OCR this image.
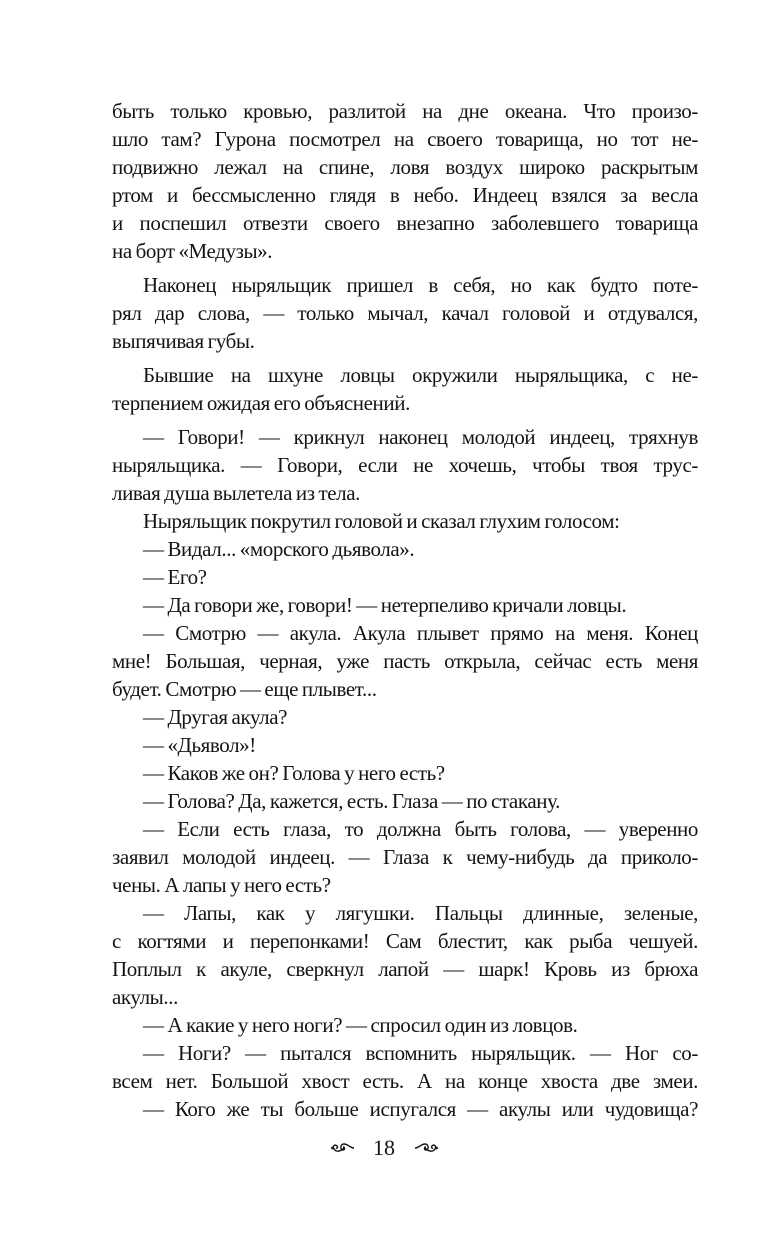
быть только кровью, разлитой на дне океана. Что произо-
шло там? Гурона посмотрел на своего товарища, но тот не-
подвижно лежал на спине, ловя воздух широко раскрытым
ртом и бессмысленно глядя в небо. Индеец взялся за весла
и поспешил отвезти своего внезапно заболевшего товарища
на борт «Медузы».
Наконец ныряльщик пришел в себя, но как будто поте-
рял дар слова, — только мычал, качал головой и отдувался,
выпячивая губы.
Бывшие на шхуне ловцы окружили ныряльщика, с не-
терпением ожидая его объяснений.
— Говори! — крикнул наконец молодой индеец, тряхнув
ныряльщика. — Говори, если не хочешь, чтобы твоя трус-
ливая душа вылетела из тела.
Ныряльщик покрутил головой и сказал глухим голосом:
— Видал... «морского дьявола».
— Его?
— Да говори же, говори! — нетерпеливо кричали ловцы.
— Смотрю — акула. Акула плывет прямо на меня. Конец
мне! Большая, черная, уже пасть открыла, сейчас есть меня
будет. Смотрю — еще плывет...
— Другая акула?
— «Дьявол»!
— Каков же он? Голова у него есть?
— Голова? Да, кажется, есть. Глаза — по стакану.
— Если есть глаза, то должна быть голова, — уверенно
заявил молодой индеец. — Глаза к чему-нибудь да приколо-
чены. А лапы у него есть?
— Лапы, как у лягушки. Пальцы длинные, зеленые,
с когтями и перепонками! Сам блестит, как рыба чешуей.
Поплыл к акуле, сверкнул лапой — шарк! Кровь из брюха
акулы...
— А какие у него ноги? — спросил один из ловцов.
— Ноги? — пытался вспомнить ныряльщик. — Ног со-
всем нет. Большой хвост есть. А на конце хвоста две змеи.
— Кого же ты больше испугался — акулы или чудовища?
18
